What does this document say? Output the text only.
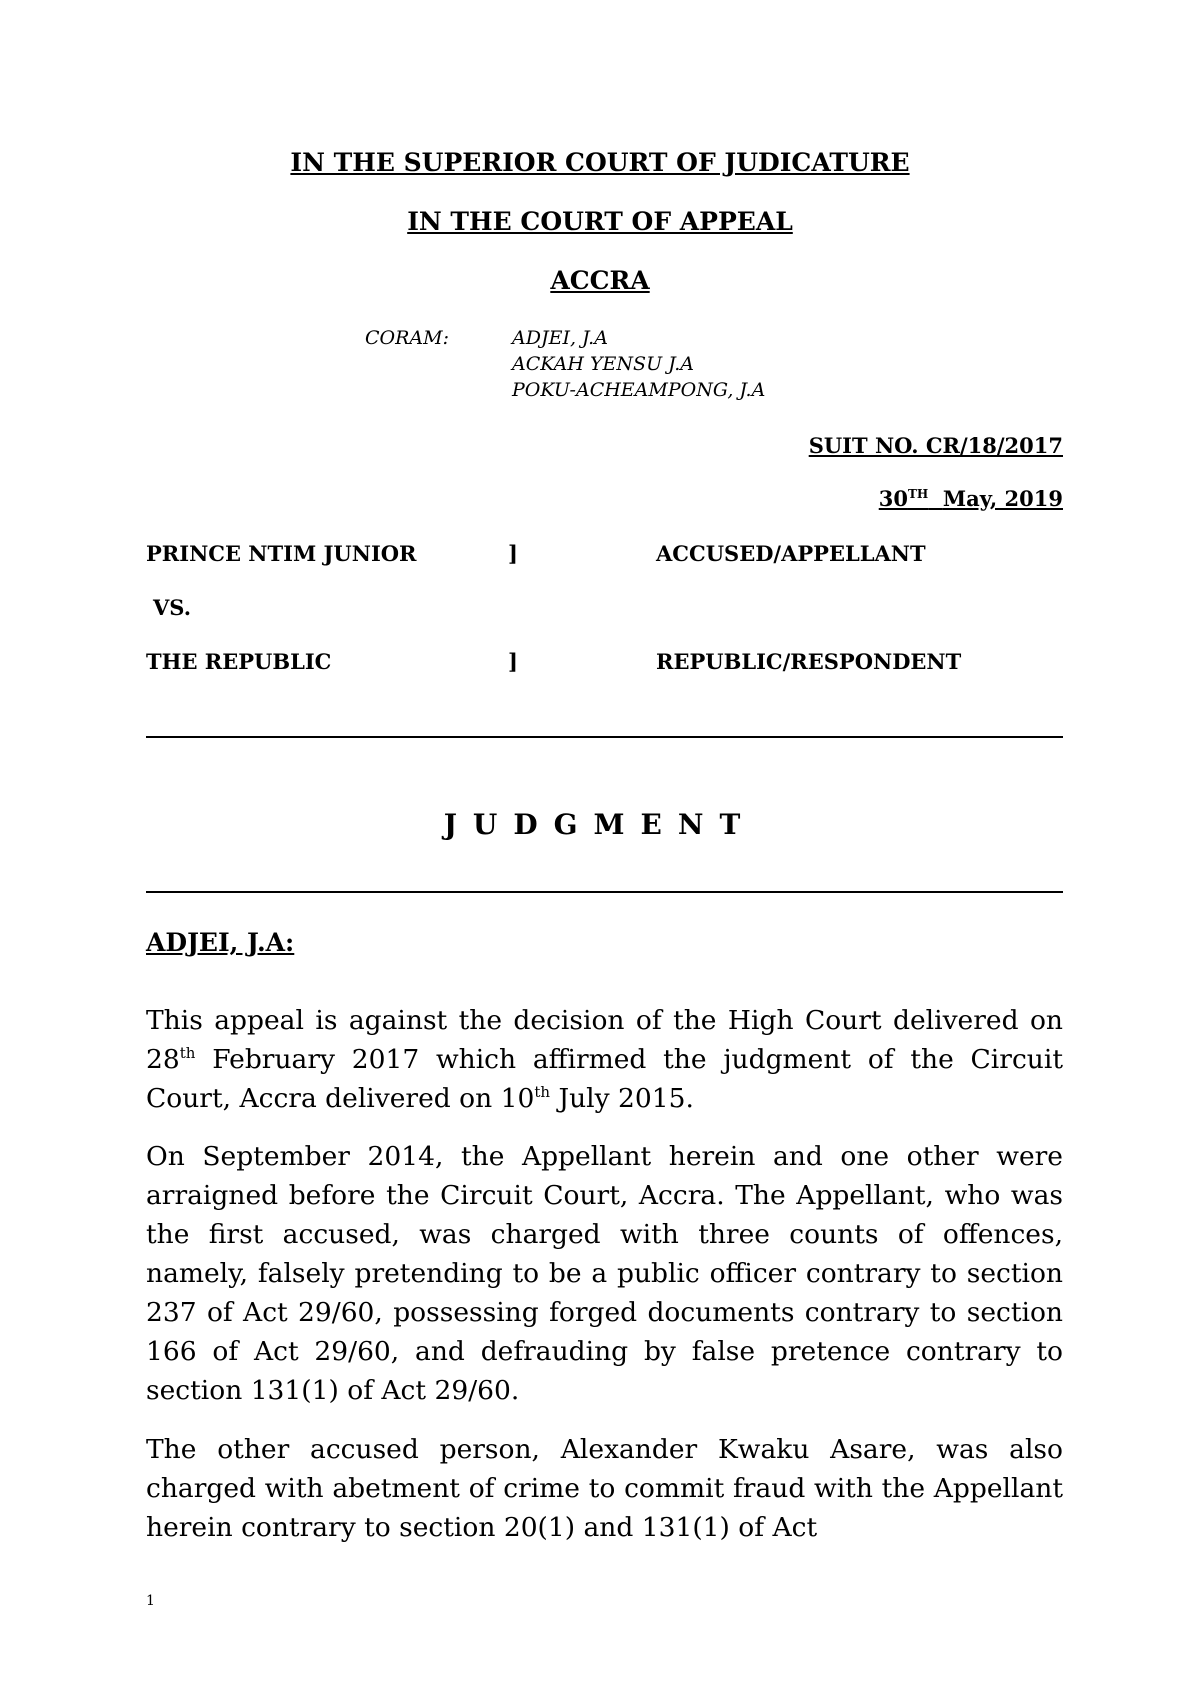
IN THE SUPERIOR COURT OF JUDICATURE
IN THE COURT OF APPEAL
ACCRA
CORAM:	ADJEI, J.A
ACKAH YENSU J.A
POKU-ACHEAMPONG, J.A
SUIT NO. CR/18/2017
30TH May, 2019
PRINCE NTIM JUNIOR	]	ACCUSED/APPELLANT
VS.
THE REPUBLIC	]	REPUBLIC/RESPONDENT
JUDGMENT
ADJEI, J.A:
This appeal is against the decision of the High Court delivered on 28th February 2017 which affirmed the judgment of the Circuit Court, Accra delivered on 10th July 2015.
On September 2014, the Appellant herein and one other were arraigned before the Circuit Court, Accra. The Appellant, who was the first accused, was charged with three counts of offences, namely, falsely pretending to be a public officer contrary to section 237 of Act 29/60, possessing forged documents contrary to section 166 of Act 29/60, and defrauding by false pretence contrary to section 131(1) of Act 29/60.
The other accused person, Alexander Kwaku Asare, was also charged with abetment of crime to commit fraud with the Appellant herein contrary to section 20(1) and 131(1) of Act
1
